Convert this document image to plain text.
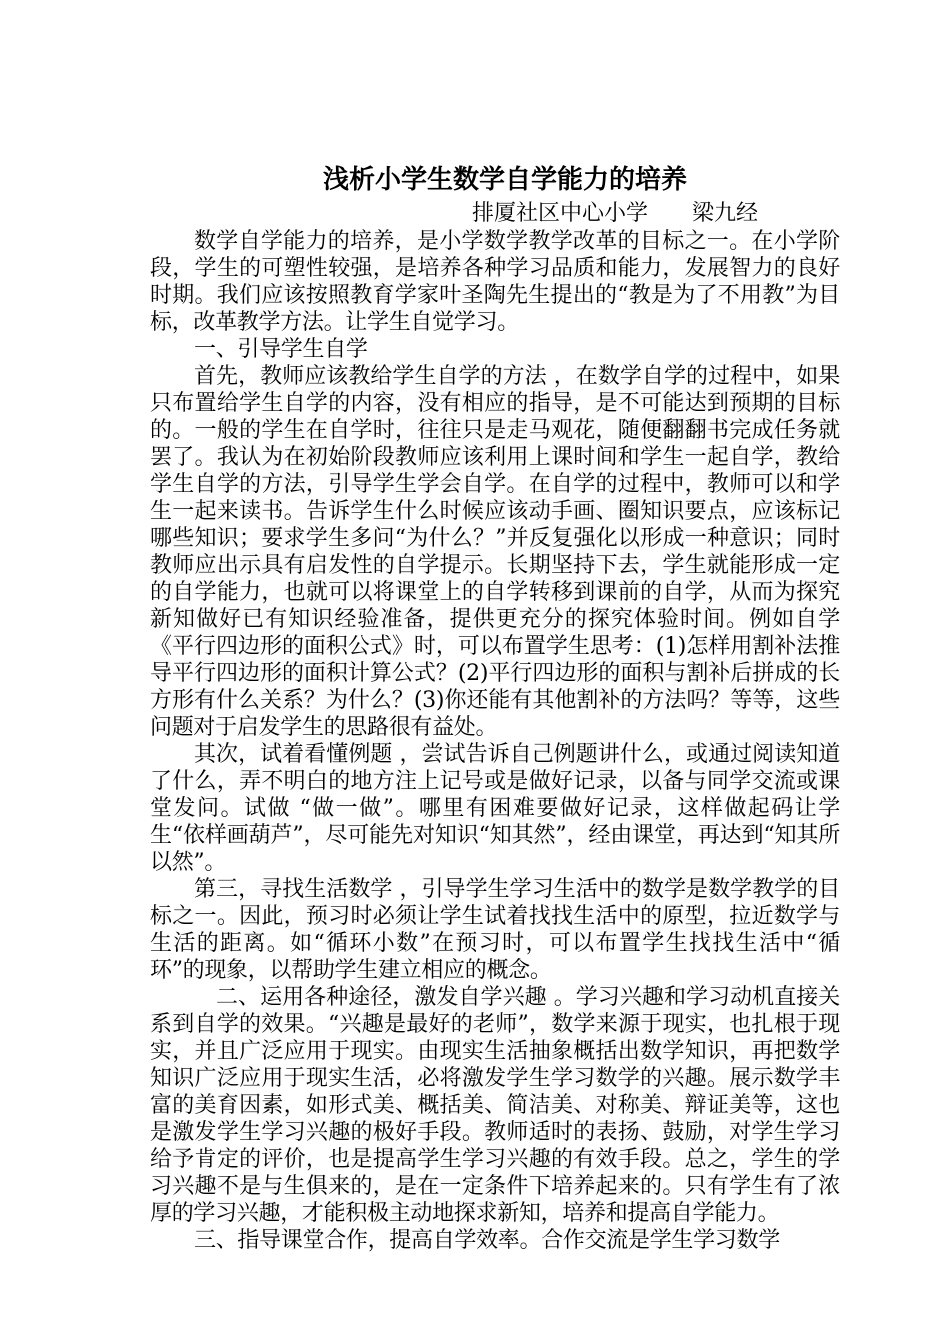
浅析小学生数学自学能力的培养
排厦社区中心小学 梁九经

数学自学能力的培养，是小学数学教学改革的目标之一。在小学阶段，学生的可塑性较强，是培养各种学习品质和能力，发展智力的良好时期。我们应该按照教育学家叶圣陶先生提出的“教是为了不用教”为目标，改革教学方法。让学生自觉学习。

一、引导学生自学

首先，教师应该教给学生自学的方法 ，在数学自学的过程中，如果只布置给学生自学的内容，没有相应的指导，是不可能达到预期的目标的。一般的学生在自学时，往往只是走马观花，随便翻翻书完成任务就罢了。我认为在初始阶段教师应该利用上课时间和学生一起自学，教给学生自学的方法，引导学生学会自学。在自学的过程中，教师可以和学生一起来读书。告诉学生什么时候应该动手画、圈知识要点，应该标记哪些知识；要求学生多问“为什么？”并反复强化以形成一种意识；同时教师应出示具有启发性的自学提示。长期坚持下去，学生就能形成一定的自学能力，也就可以将课堂上的自学转移到课前的自学，从而为探究新知做好已有知识经验准备，提供更充分的探究体验时间。例如自学《平行四边形的面积公式》时，可以布置学生思考：(1)怎样用割补法推导平行四边形的面积计算公式？(2)平行四边形的面积与割补后拼成的长方形有什么关系？为什么？(3)你还能有其他割补的方法吗？等等，这些问题对于启发学生的思路很有益处。

其次，试着看懂例题 ，尝试告诉自己例题讲什么，或通过阅读知道了什么，弄不明白的地方注上记号或是做好记录，以备与同学交流或课堂发问。试做 “做一做”。哪里有困难要做好记录，这样做起码让学生“依样画葫芦”，尽可能先对知识“知其然”，经由课堂，再达到“知其所以然”。

第三，寻找生活数学 ，引导学生学习生活中的数学是数学教学的目标之一。因此，预习时必须让学生试着找找生活中的原型，拉近数学与生活的距离。如“循环小数”在预习时，可以布置学生找找生活中“循环”的现象，以帮助学生建立相应的概念。

二、运用各种途径，激发自学兴趣 。学习兴趣和学习动机直接关系到自学的效果。“兴趣是最好的老师”，数学来源于现实，也扎根于现实，并且广泛应用于现实。由现实生活抽象概括出数学知识，再把数学知识广泛应用于现实生活，必将激发学生学习数学的兴趣。展示数学丰富的美育因素，如形式美、概括美、简洁美、对称美、辩证美等，这也是激发学生学习兴趣的极好手段。教师适时的表扬、鼓励，对学生学习给予肯定的评价，也是提高学生学习兴趣的有效手段。总之，学生的学习兴趣不是与生俱来的，是在一定条件下培养起来的。只有学生有了浓厚的学习兴趣，才能积极主动地探求新知，培养和提高自学能力。

三、指导课堂合作，提高自学效率。合作交流是学生学习数学
